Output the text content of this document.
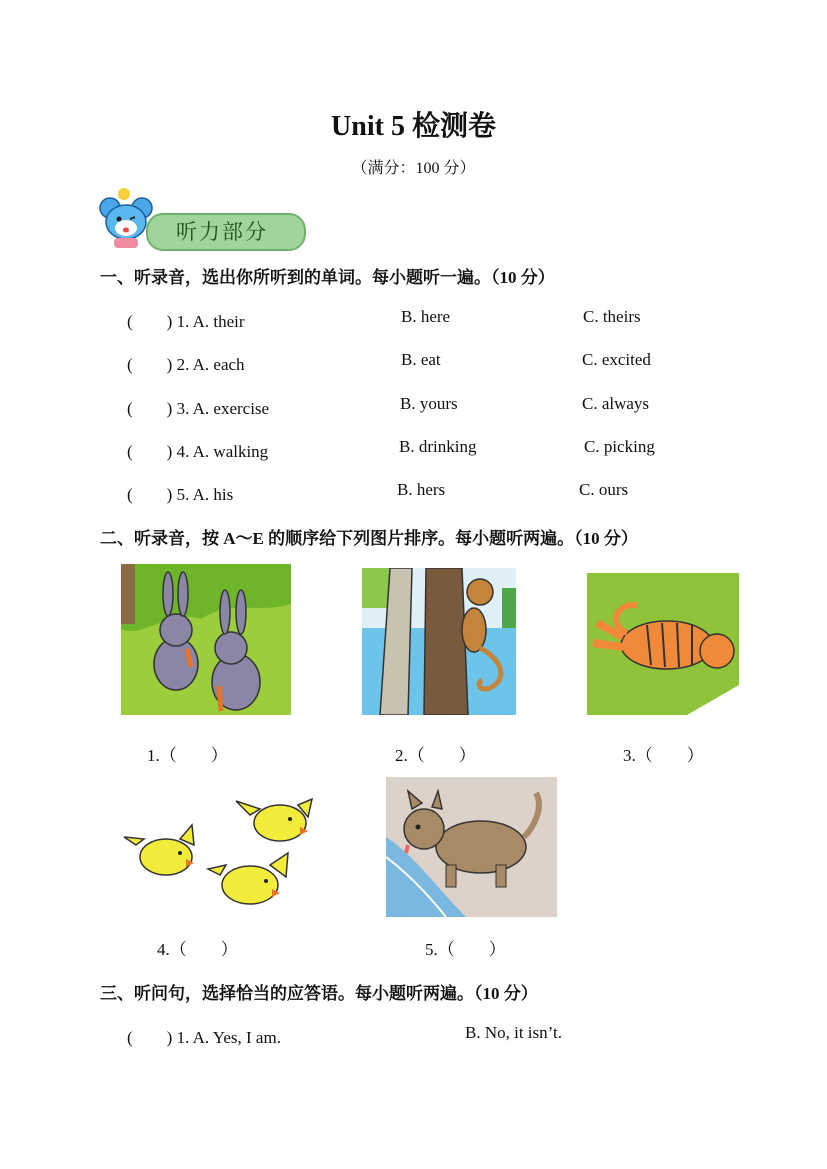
Unit 5 检测卷
（满分：100 分）
听力部分
一、听录音，选出你所听到的单词。每小题听一遍。（10 分）
(　　) 1. A. their	B. here	C. theirs
(　　) 2. A. each	B. eat	C. excited
(　　) 3. A. exercise	B. yours	C. always
(　　) 4. A. walking	B. drinking	C. picking
(　　) 5. A. his	B. hers	C. ours
二、听录音，按 A～E 的顺序给下列图片排序。每小题听两遍。（10 分）
1.（　　）	2.（　　）	3.（　　）
4.（　　）	5.（　　）
三、听问句，选择恰当的应答语。每小题听两遍。（10 分）
(　　) 1. A. Yes, I am.	B. No, it isn’t.
